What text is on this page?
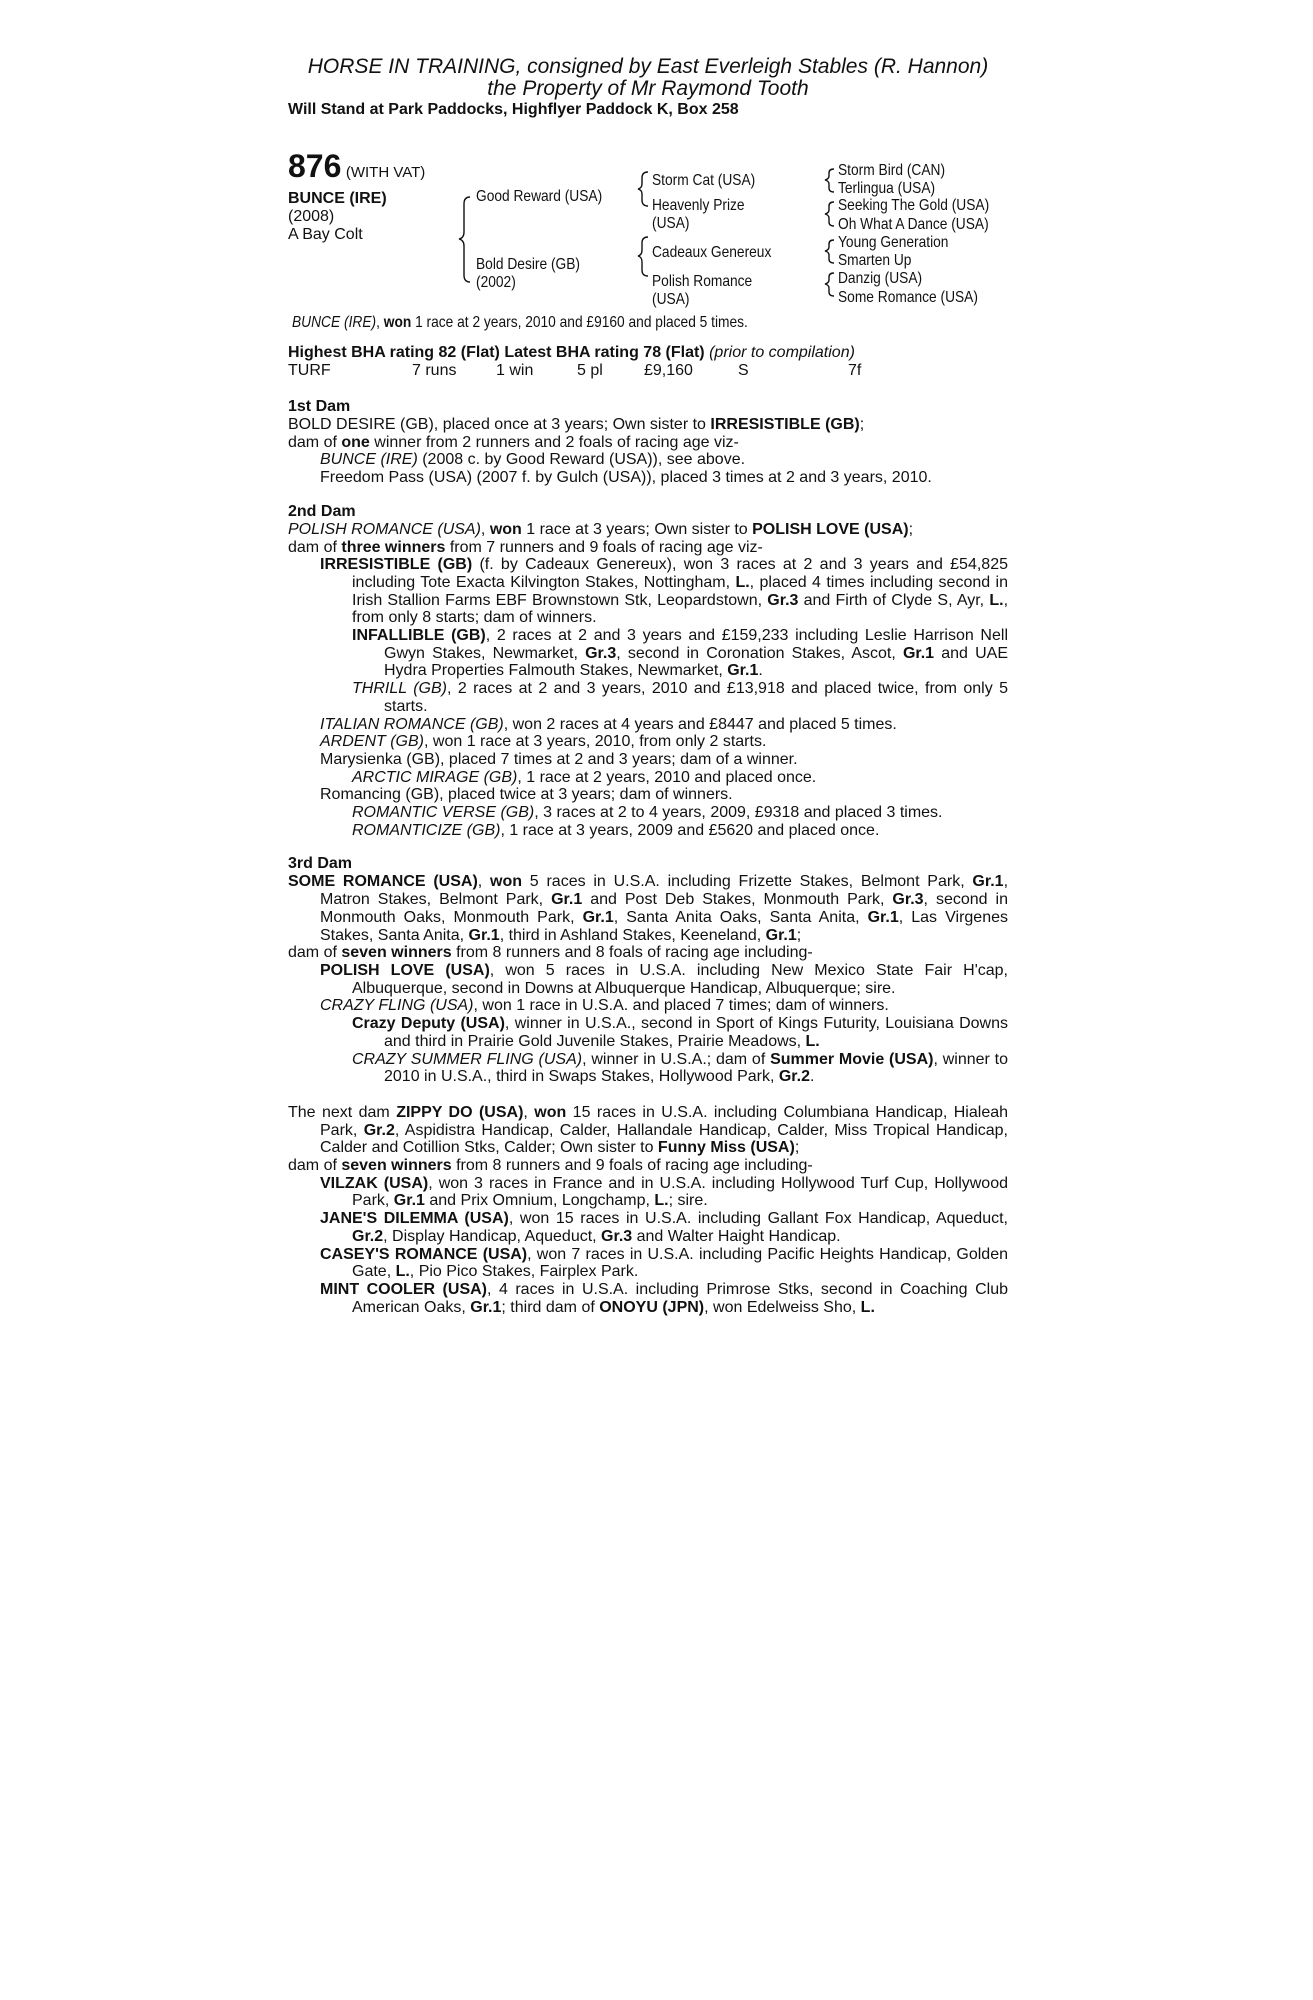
HORSE IN TRAINING, consigned by East Everleigh Stables (R. Hannon)
the Property of Mr Raymond Tooth
Will Stand at Park Paddocks, Highflyer Paddock K, Box 258
876 (WITH VAT)
BUNCE (IRE)
(2008)
A Bay Colt
Good Reward (USA)
Bold Desire (GB)
(2002)
Storm Cat (USA)
Heavenly Prize
(USA)
Cadeaux Genereux
Polish Romance
(USA)
Storm Bird (CAN)
Terlingua (USA)
Seeking The Gold (USA)
Oh What A Dance (USA)
Young Generation
Smarten Up
Danzig (USA)
Some Romance (USA)
BUNCE (IRE), won 1 race at 2 years, 2010 and £9160 and placed 5 times.
Highest BHA rating 82 (Flat) Latest BHA rating 78 (Flat) (prior to compilation)
TURF	7 runs 1 win	5 pl	£9,160	S	7f
1st Dam
BOLD DESIRE (GB), placed once at 3 years; Own sister to IRRESISTIBLE (GB);
dam of one winner from 2 runners and 2 foals of racing age viz-
BUNCE (IRE) (2008 c. by Good Reward (USA)), see above.
Freedom Pass (USA) (2007 f. by Gulch (USA)), placed 3 times at 2 and 3 years, 2010.
2nd Dam
POLISH ROMANCE (USA), won 1 race at 3 years; Own sister to POLISH LOVE (USA);
dam of three winners from 7 runners and 9 foals of racing age viz-
IRRESISTIBLE (GB) (f. by Cadeaux Genereux), won 3 races at 2 and 3 years and £54,825 including Tote Exacta Kilvington Stakes, Nottingham, L., placed 4 times including second in Irish Stallion Farms EBF Brownstown Stk, Leopardstown, Gr.3 and Firth of Clyde S, Ayr, L., from only 8 starts; dam of winners.
INFALLIBLE (GB), 2 races at 2 and 3 years and £159,233 including Leslie Harrison Nell Gwyn Stakes, Newmarket, Gr.3, second in Coronation Stakes, Ascot, Gr.1 and UAE Hydra Properties Falmouth Stakes, Newmarket, Gr.1.
THRILL (GB), 2 races at 2 and 3 years, 2010 and £13,918 and placed twice, from only 5 starts.
ITALIAN ROMANCE (GB), won 2 races at 4 years and £8447 and placed 5 times.
ARDENT (GB), won 1 race at 3 years, 2010, from only 2 starts.
Marysienka (GB), placed 7 times at 2 and 3 years; dam of a winner.
ARCTIC MIRAGE (GB), 1 race at 2 years, 2010 and placed once.
Romancing (GB), placed twice at 3 years; dam of winners.
ROMANTIC VERSE (GB), 3 races at 2 to 4 years, 2009, £9318 and placed 3 times.
ROMANTICIZE (GB), 1 race at 3 years, 2009 and £5620 and placed once.
3rd Dam
SOME ROMANCE (USA), won 5 races in U.S.A. including Frizette Stakes, Belmont Park, Gr.1, Matron Stakes, Belmont Park, Gr.1 and Post Deb Stakes, Monmouth Park, Gr.3, second in Monmouth Oaks, Monmouth Park, Gr.1, Santa Anita Oaks, Santa Anita, Gr.1, Las Virgenes Stakes, Santa Anita, Gr.1, third in Ashland Stakes, Keeneland, Gr.1;
dam of seven winners from 8 runners and 8 foals of racing age including-
POLISH LOVE (USA), won 5 races in U.S.A. including New Mexico State Fair H'cap, Albuquerque, second in Downs at Albuquerque Handicap, Albuquerque; sire.
CRAZY FLING (USA), won 1 race in U.S.A. and placed 7 times; dam of winners.
Crazy Deputy (USA), winner in U.S.A., second in Sport of Kings Futurity, Louisiana Downs and third in Prairie Gold Juvenile Stakes, Prairie Meadows, L.
CRAZY SUMMER FLING (USA), winner in U.S.A.; dam of Summer Movie (USA), winner to 2010 in U.S.A., third in Swaps Stakes, Hollywood Park, Gr.2.
The next dam ZIPPY DO (USA), won 15 races in U.S.A. including Columbiana Handicap, Hialeah Park, Gr.2, Aspidistra Handicap, Calder, Hallandale Handicap, Calder, Miss Tropical Handicap, Calder and Cotillion Stks, Calder; Own sister to Funny Miss (USA);
dam of seven winners from 8 runners and 9 foals of racing age including-
VILZAK (USA), won 3 races in France and in U.S.A. including Hollywood Turf Cup, Hollywood Park, Gr.1 and Prix Omnium, Longchamp, L.; sire.
JANE'S DILEMMA (USA), won 15 races in U.S.A. including Gallant Fox Handicap, Aqueduct, Gr.2, Display Handicap, Aqueduct, Gr.3 and Walter Haight Handicap.
CASEY'S ROMANCE (USA), won 7 races in U.S.A. including Pacific Heights Handicap, Golden Gate, L., Pio Pico Stakes, Fairplex Park.
MINT COOLER (USA), 4 races in U.S.A. including Primrose Stks, second in Coaching Club American Oaks, Gr.1; third dam of ONOYU (JPN), won Edelweiss Sho, L.
